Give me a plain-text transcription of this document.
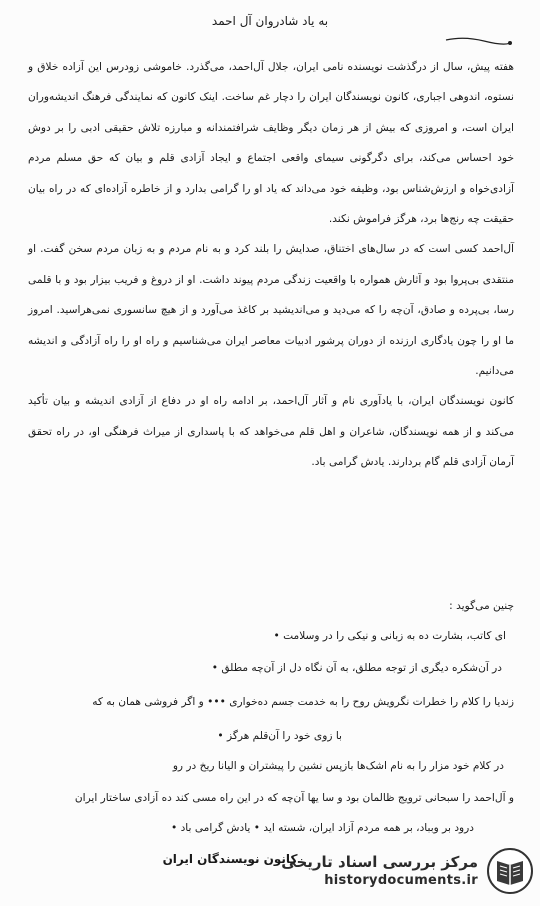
به یاد شادروان آل احمد

هفته پیش، سال از درگذشت نویسنده نامی ایران، جلال آل‌احمد، می‌گذرد. خاموشی زودرس این آزاده خلاق و نستوه، اندوهی اجباری، کانون نویسندگان ایران را دچار غم ساخت. اینک کانون که نمایندگی فرهنگ اندیشه‌وران ایران است، و امروزی که بیش از هر زمان دیگر وظایف شرافتمندانه و مبارزه تلاش حقیقی ادبی را بر دوش خود احساس می‌کند، برای دگرگونی سیمای واقعی اجتماع و ایجاد آزادی قلم و بیان که حق مسلم مردم آزادی‌خواه و ارزش‌شناس بود، وظیفه خود می‌داند که یاد او را گرامی بدارد و از خاطره آزاده‌ای که در راه بیان حقیقت چه رنج‌ها برد، هرگز فراموش نکند.

آل‌احمد کسی است که در سال‌های اختناق، صدایش را بلند کرد و به نام مردم و به زبان مردم سخن گفت. او منتقدی بی‌پروا بود و آثارش همواره با واقعیت زندگی مردم پیوند داشت. او از دروغ و فریب بیزار بود و با قلمی رسا، بی‌پرده و صادق، آن‌چه را که می‌دید و می‌اندیشید بر کاغذ می‌آورد و از هیچ سانسوری نمی‌هراسید. امروز ما او را چون یادگاری ارزنده از دوران پرشور ادبیات معاصر ایران می‌شناسیم و راه او را راه آزادگی و اندیشه می‌دانیم.

کانون نویسندگان ایران، با یادآوری نام و آثار آل‌احمد، بر ادامه راه او در دفاع از آزادی اندیشه و بیان تأکید می‌کند و از همه نویسندگان، شاعران و اهل قلم می‌خواهد که با پاسداری از میراث فرهنگی او، در راه تحقق آرمان آزادی قلم گام بردارند. یادش گرامی باد.

چنین می‌گوید :
ای کاتب، بشارت ده به زبانی و نیکی را در وسلامت •
در آن‌شکره دیگری از توجه مطلق، به آن نگاه دل از آن‌چه مطلق •
زندیا را کلام را خطرات نگرویش روح را به خدمت جسم ده‌خواری ••• و اگر فروشی همان به که
با زوی خود را آن‌قلم هرگز •
در کلام خود مزار را به نام اشک‌ها بازپس نشین را پیشتران و الیانا ریخ در رو
و آل‌احمد را سبحانی ترویج ظالمان بود و سا یها آن‌چه که در این راه مسی کند ده آزادی ساختار ایران
درود بر وبباد، بر همه مردم آزاد ایران، شسته اید • یادش گرامی باد •
کانون نویسندگان ایران
مرکز بررسی اسناد تاریخی
historydocuments.ir
